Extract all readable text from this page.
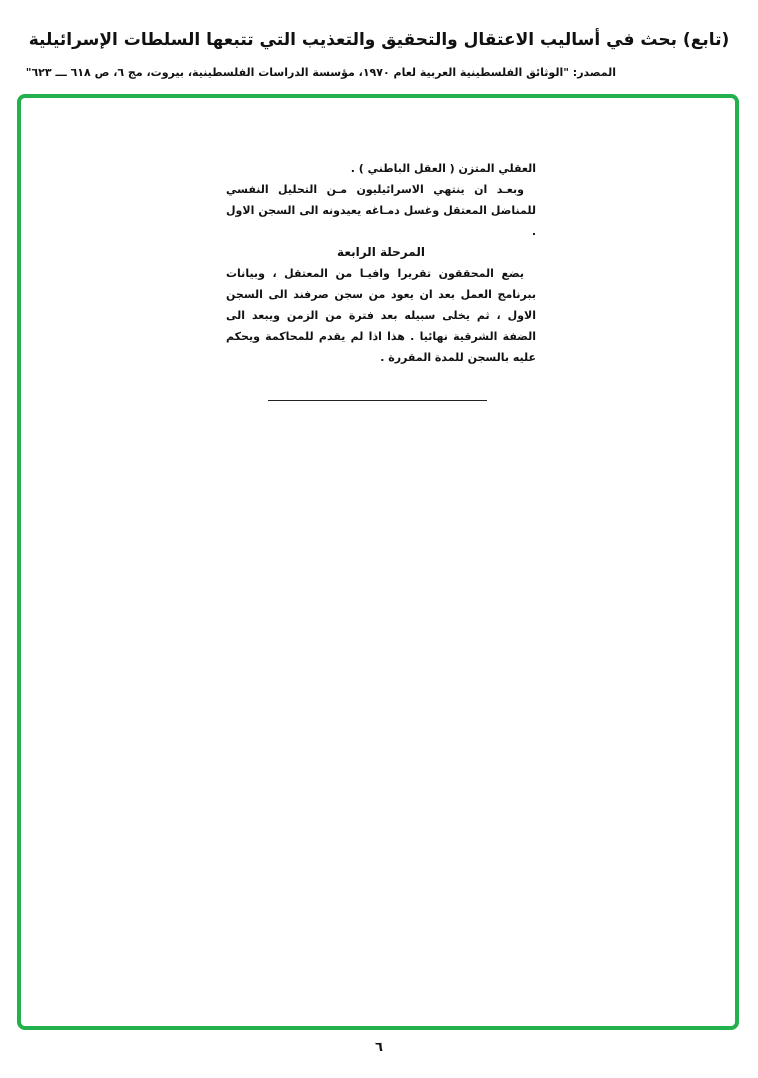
(تابع) بحث في أساليب الاعتقال والتحقيق والتعذيب التي تتبعها السلطات الإسرائيلية
المصدر: "الوثائق الفلسطينية العربية لعام ١٩٧٠، مؤسسة الدراسات الفلسطينية، بيروت، مج ٦، ص ٦١٨ ـــ ٦٢٣"

العقلي المتزن ( العقل الباطني ) .

وبعـد ان ينتهي الاسرائيليون مـن التحليل النفسي للمناضل المعتقل وغسل دمـاغه يعيدونه الى السجن الاول .

المرحلة الرابعة

يضع المحققون تقريرا وافيـا من المعتقل ، وبيانات ببرنامج العمل بعد ان يعود من سجن صرفند الى السجن الاول ، ثم يخلى سبيله بعد فترة من الزمن ويبعد الى الضفة الشرقية نهائيا . هذا اذا لم يقدم للمحاكمة ويحكم عليه بالسجن للمدة المقررة .

٦
